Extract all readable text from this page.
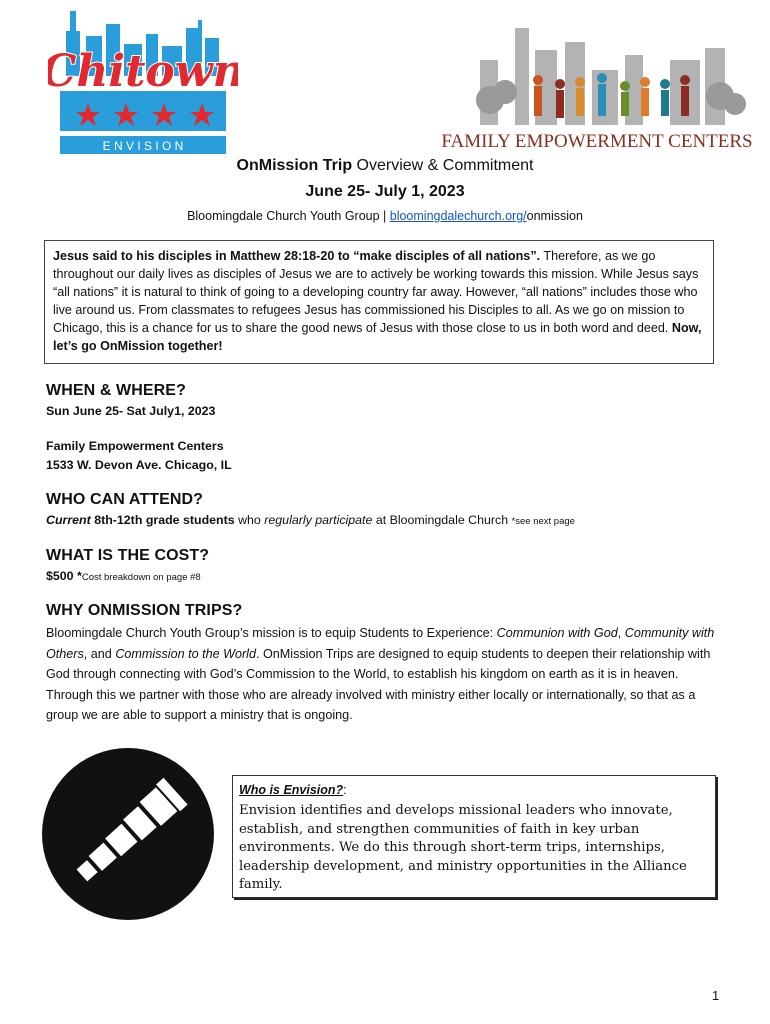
Chitown
E N V I S I O N	FAMILY EMPOWERMENT CENTERS
OnMission Trip Overview & Commitment
June 25- July 1, 2023
Bloomingdale Church Youth Group | bloomingdalechurch.org/onmission
Jesus said to his disciples in Matthew 28:18-20 to “make disciples of all nations”. Therefore, as we go throughout our daily lives as disciples of Jesus we are to actively be working towards this mission. While Jesus says “all nations” it is natural to think of going to a developing country far away. However, “all nations” includes those who live around us. From classmates to refugees Jesus has commissioned his Disciples to all. As we go on mission to Chicago, this is a chance for us to share the good news of Jesus with those close to us in both word and deed. Now, let’s go OnMission together!
WHEN & WHERE?
Sun June 25- Sat July1, 2023
Family Empowerment Centers
1533 W. Devon Ave. Chicago, IL
WHO CAN ATTEND?
Current 8th-12th grade students who regularly participate at Bloomingdale Church *see next page
WHAT IS THE COST?
$500 *Cost breakdown on page #8
WHY ONMISSION TRIPS?
Bloomingdale Church Youth Group’s mission is to equip Students to Experience: Communion with God, Community with Others, and Commission to the World. OnMission Trips are designed to equip students to deepen their relationship with God through connecting with God’s Commission to the World, to establish his kingdom on earth as it is in heaven. Through this we partner with those who are already involved with ministry either locally or internationally, so that as a group we are able to support a ministry that is ongoing.
Who is Envision?:
Envision identifies and develops missional leaders who innovate, establish, and strengthen communities of faith in key urban environments. We do this through short-term trips, internships, leadership development, and ministry opportunities in the Alliance family.
1
